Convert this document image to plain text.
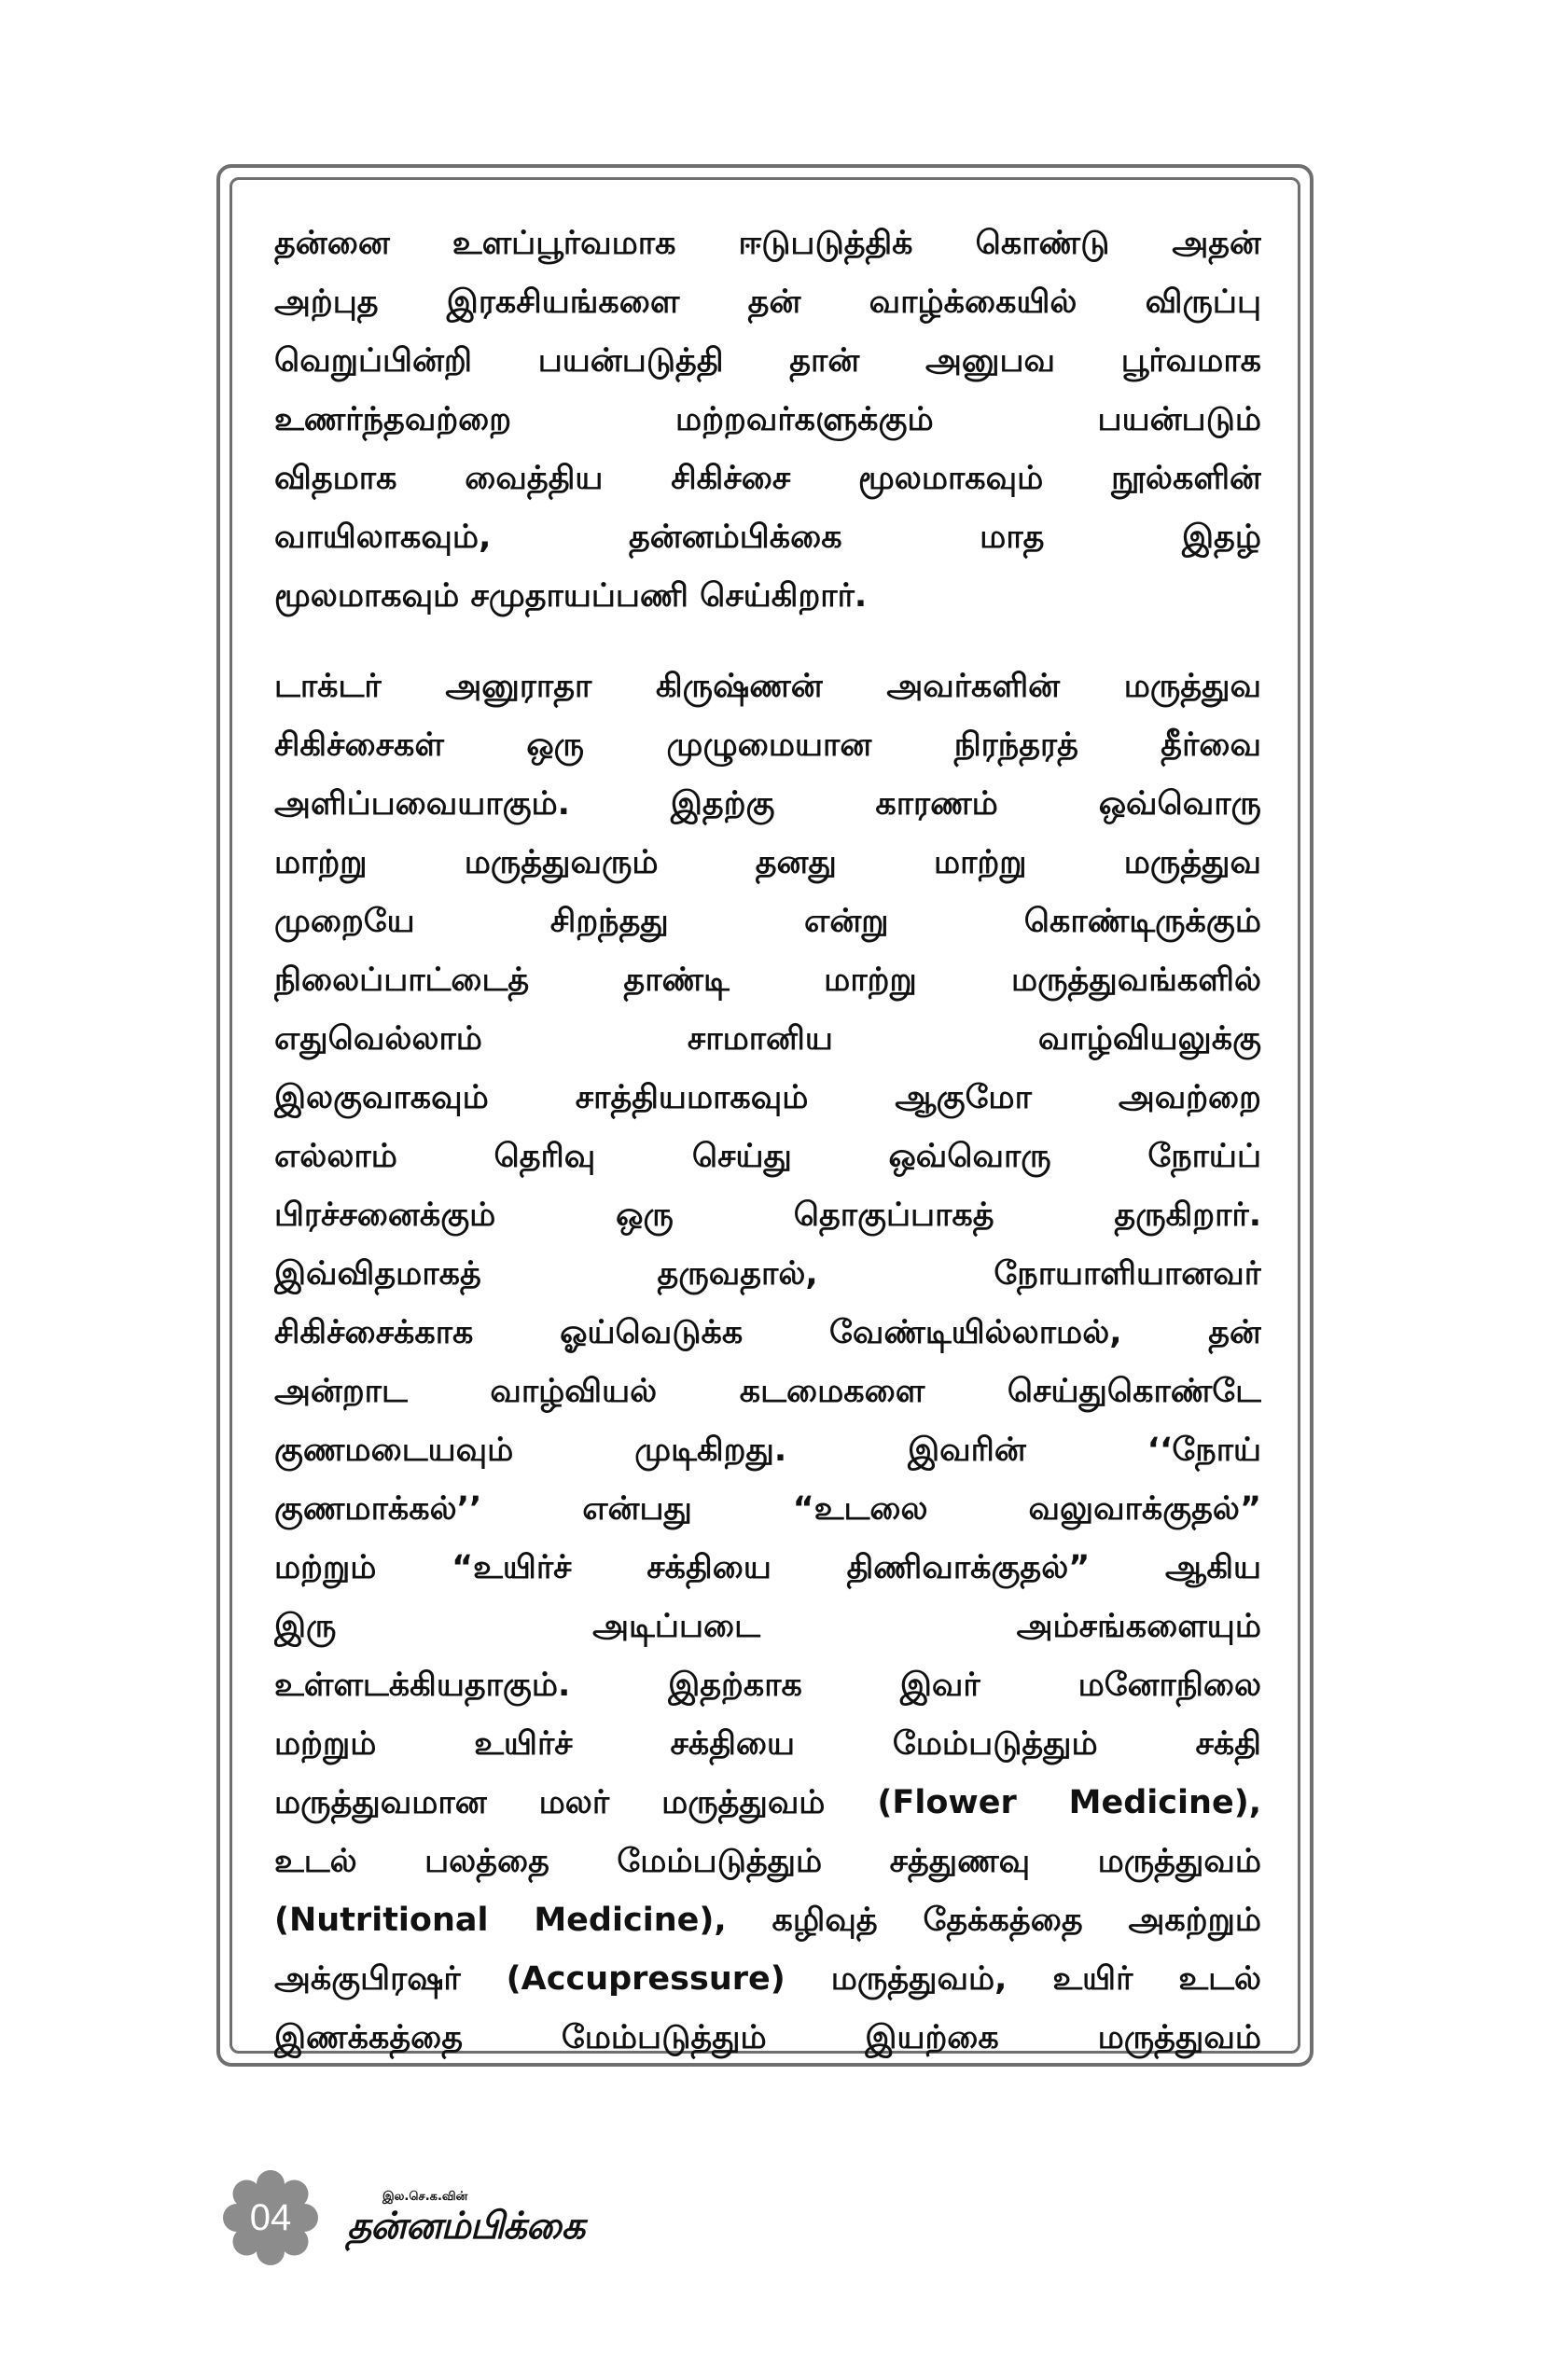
தன்னை உளப்பூர்வமாக ஈடுபடுத்திக் கொண்டு அதன்
அற்புத இரகசியங்களை தன் வாழ்க்கையில் விருப்பு
வெறுப்பின்றி பயன்படுத்தி தான் அனுபவ பூர்வமாக
உணர்ந்தவற்றை மற்றவர்களுக்கும் பயன்படும்
விதமாக வைத்திய சிகிச்சை மூலமாகவும் நூல்களின்
வாயிலாகவும், தன்னம்பிக்கை மாத இதழ்
மூலமாகவும் சமுதாயப்பணி செய்கிறார்.
டாக்டர் அனுராதா கிருஷ்ணன் அவர்களின் மருத்துவ
சிகிச்சைகள் ஒரு முழுமையான நிரந்தரத் தீர்வை
அளிப்பவையாகும். இதற்கு காரணம் ஒவ்வொரு
மாற்று மருத்துவரும் தனது மாற்று மருத்துவ
முறையே சிறந்தது என்று கொண்டிருக்கும்
நிலைப்பாட்டைத் தாண்டி மாற்று மருத்துவங்களில்
எதுவெல்லாம் சாமானிய வாழ்வியலுக்கு
இலகுவாகவும் சாத்தியமாகவும் ஆகுமோ அவற்றை
எல்லாம் தெரிவு செய்து ஒவ்வொரு நோய்ப்
பிரச்சனைக்கும் ஒரு தொகுப்பாகத் தருகிறார்.
இவ்விதமாகத் தருவதால், நோயாளியானவர்
சிகிச்சைக்காக ஓய்வெடுக்க வேண்டியில்லாமல், தன்
அன்றாட வாழ்வியல் கடமைகளை செய்துகொண்டே
குணமடையவும் முடிகிறது. இவரின் ‘‘நோய்
குணமாக்கல்’’ என்பது “உடலை வலுவாக்குதல்”
மற்றும் “உயிர்ச் சக்தியை திணிவாக்குதல்” ஆகிய
இரு அடிப்படை அம்சங்களையும்
உள்ளடக்கியதாகும். இதற்காக இவர் மனோநிலை
மற்றும் உயிர்ச் சக்தியை மேம்படுத்தும் சக்தி
மருத்துவமான மலர் மருத்துவம் (Flower Medicine),
உடல் பலத்தை மேம்படுத்தும் சத்துணவு மருத்துவம்
(Nutritional Medicine), கழிவுத் தேக்கத்தை அகற்றும்
அக்குபிரஷர் (Accupressure) மருத்துவம், உயிர் உடல்
இணக்கத்தை மேம்படுத்தும் இயற்கை மருத்துவம்
04
இல.செ.க.வின்
தன்னம்பிக்கை
